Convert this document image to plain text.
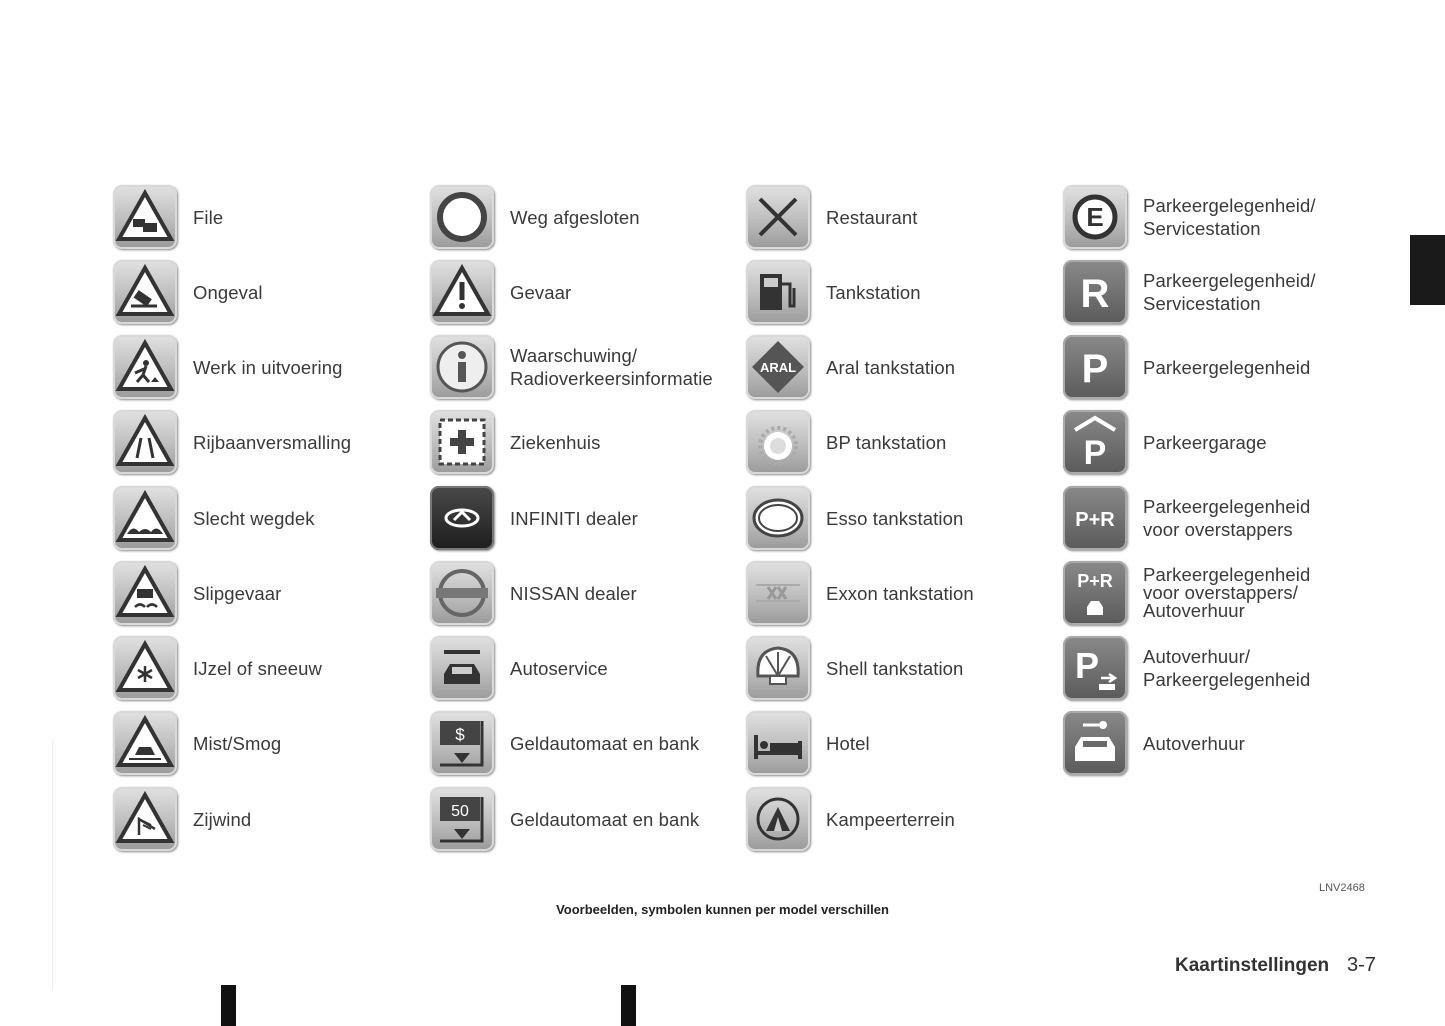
File
Ongeval
Werk in uitvoering
Rijbaanversmalling
Slecht wegdek
Slipgevaar
IJzel of sneeuw
Mist/Smog
Zijwind
Weg afgesloten
Gevaar
Waarschuwing/
Radioverkeersinformatie
Ziekenhuis
INFINITI dealer
NISSAN dealer
Autoservice
$ Geldautomaat en bank
50 Geldautomaat en bank
Restaurant
Tankstation
ARAL Aral tankstation
BP tankstation
Esso tankstation
Exxon tankstation
Shell tankstation
Hotel
Kampeerterrein
E Parkeergelegenheid/
Servicestation
R Parkeergelegenheid/
Servicestation
P Parkeergelegenheid
P Parkeergarage
P+R
Parkeergelegenheid
voor overstappers
P+R Parkeergelegenheid
voor overstappers/
Autoverhuur
P Autoverhuur/
Parkeergelegenheid
Autoverhuur
LNV2468
Voorbeelden, symbolen kunnen per model verschillen
Kaartinstellingen 3-7
